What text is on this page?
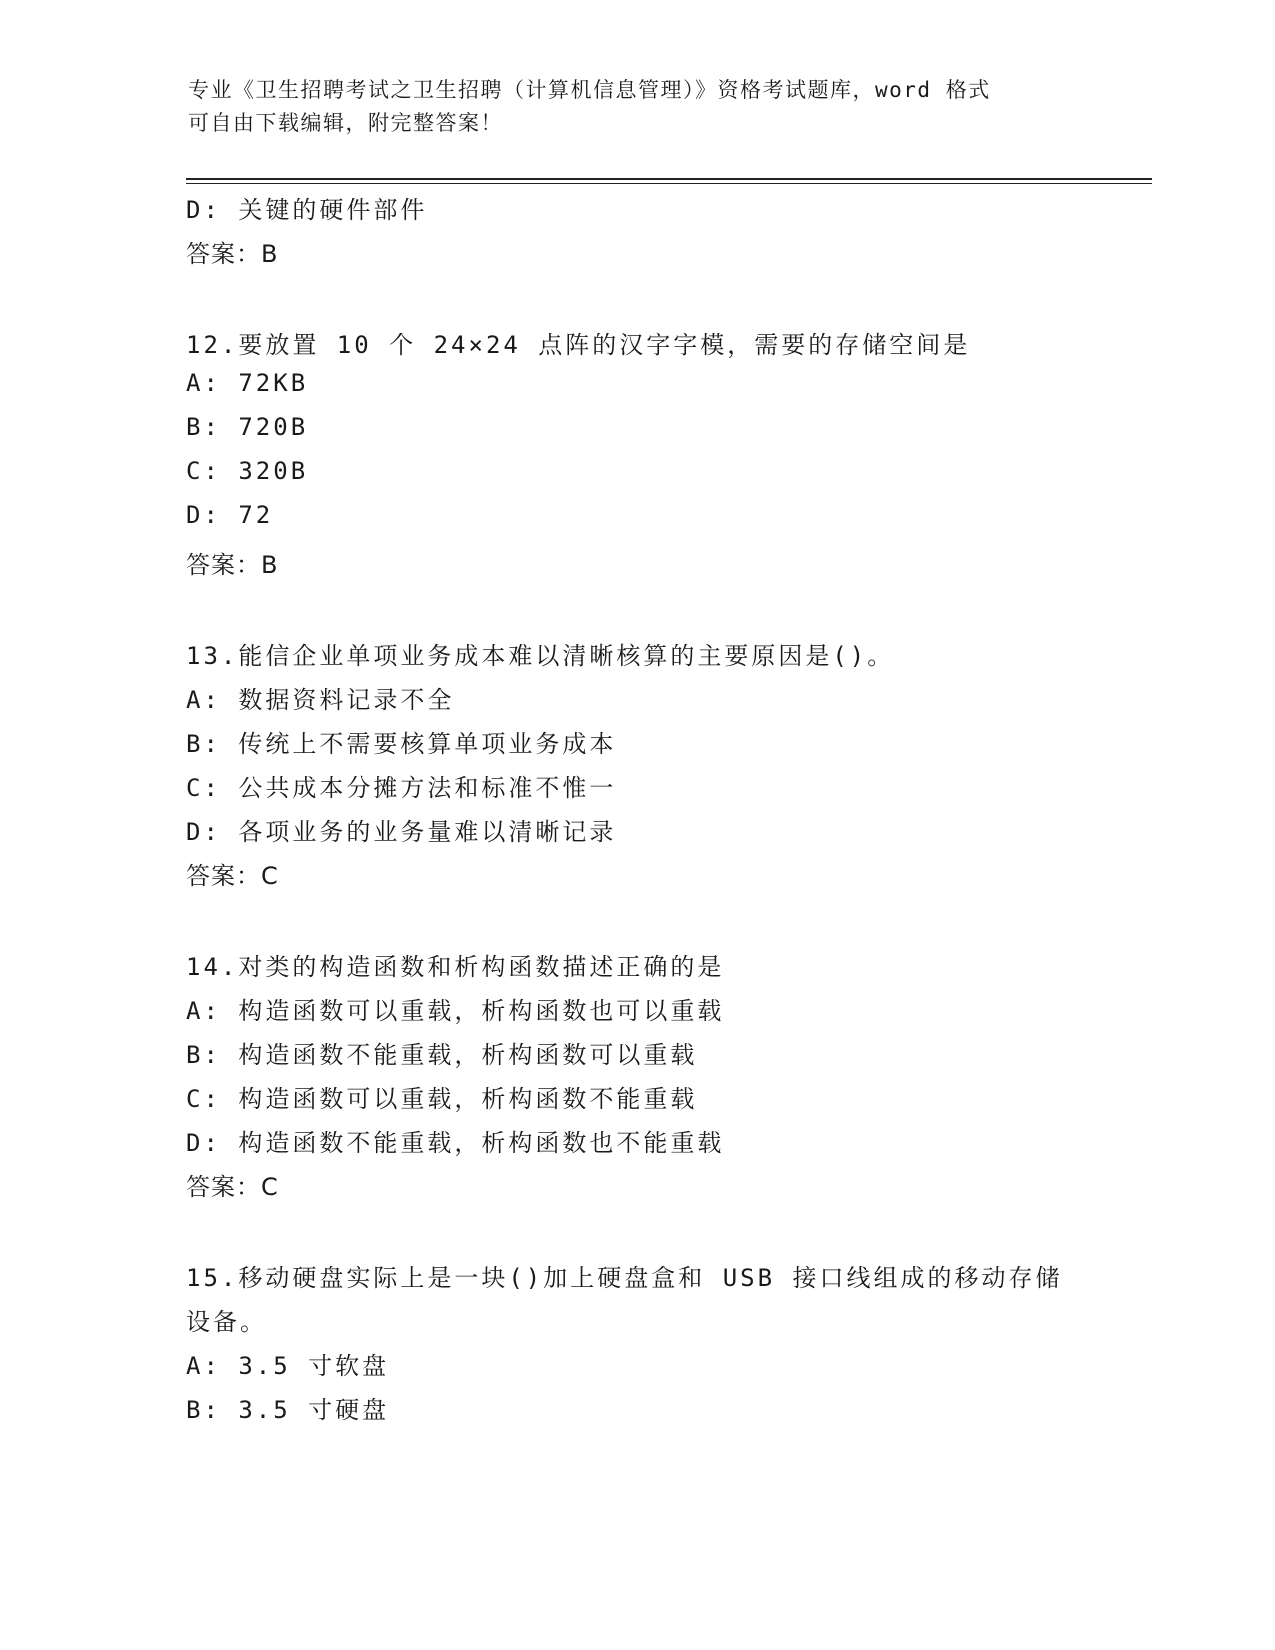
专业《卫生招聘考试之卫生招聘（计算机信息管理）》资格考试题库，word 格式
可自由下载编辑，附完整答案！
D: 关键的硬件部件
答案：B
12.要放置 10 个 24×24 点阵的汉字字模，需要的存储空间是
A: 72KB
B: 720B
C: 320B
D: 72
答案：B
13.能信企业单项业务成本难以清晰核算的主要原因是()。
A: 数据资料记录不全
B: 传统上不需要核算单项业务成本
C: 公共成本分摊方法和标准不惟一
D: 各项业务的业务量难以清晰记录
答案：C
14.对类的构造函数和析构函数描述正确的是
A: 构造函数可以重载，析构函数也可以重载
B: 构造函数不能重载，析构函数可以重载
C: 构造函数可以重载，析构函数不能重载
D: 构造函数不能重载，析构函数也不能重载
答案：C
15.移动硬盘实际上是一块()加上硬盘盒和 USB 接口线组成的移动存储
设备。
A: 3.5 寸软盘
B: 3.5 寸硬盘
